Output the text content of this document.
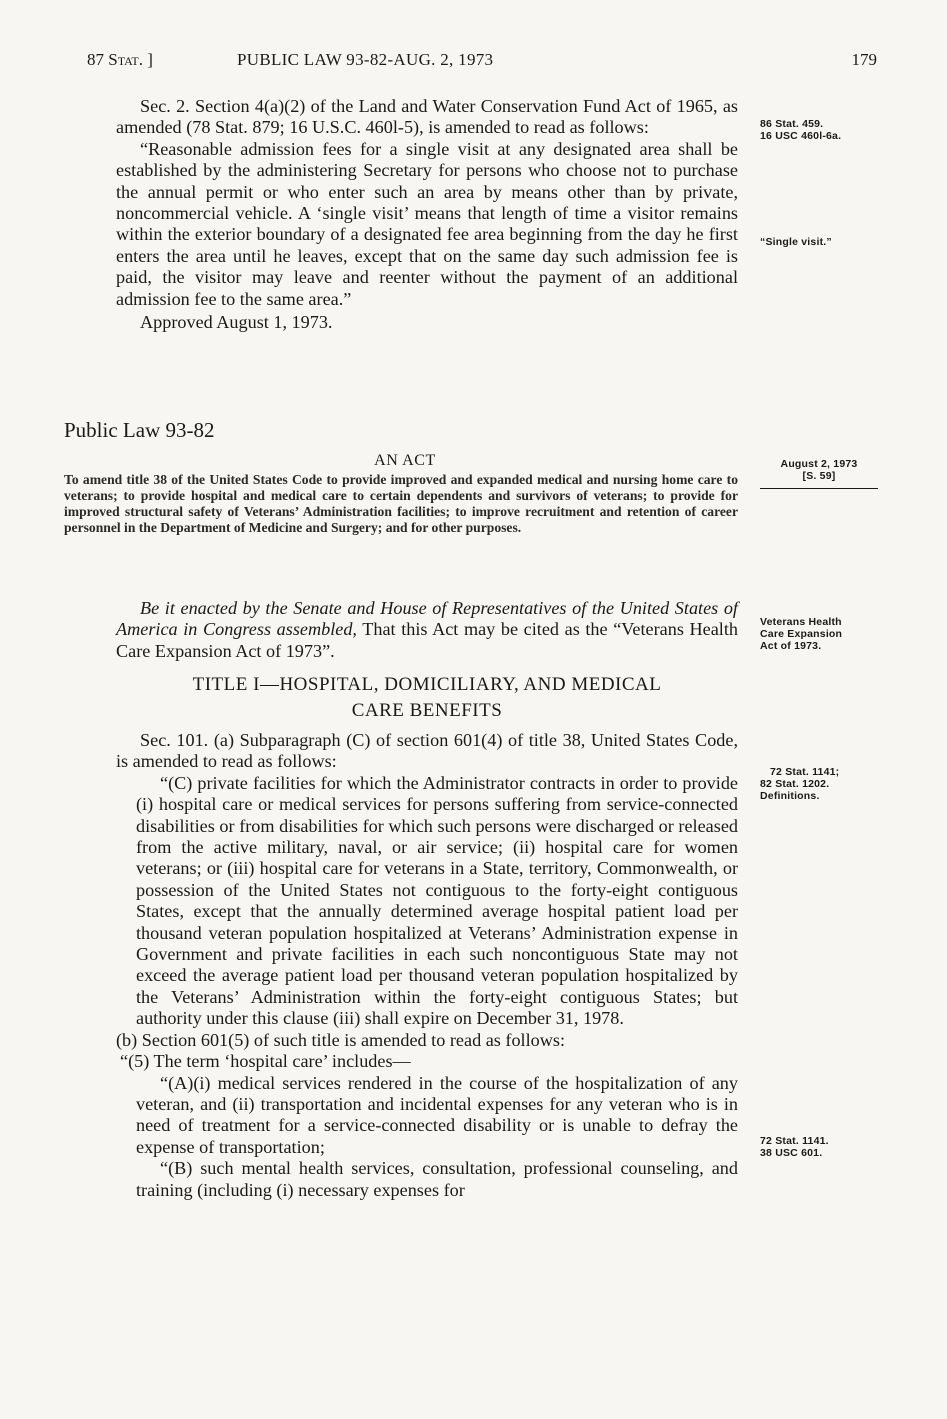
87 Stat. ]	PUBLIC LAW 93-82-AUG. 2, 1973	179

Sec. 2. Section 4(a)(2) of the Land and Water Conservation Fund Act of 1965, as amended (78 Stat. 879; 16 U.S.C. 460l-5), is amended to read as follows:

“Reasonable admission fees for a single visit at any designated area shall be established by the administering Secretary for persons who choose not to purchase the annual permit or who enter such an area by means other than by private, noncommercial vehicle. A ‘single visit’ means that length of time a visitor remains within the exterior boundary of a designated fee area beginning from the day he first enters the area until he leaves, except that on the same day such admission fee is paid, the visitor may leave and reenter without the payment of an additional admission fee to the same area.”

Approved August 1, 1973.

86 Stat. 459.
16 USC 460l-6a.
“Single visit.”
Public Law 93-82
AN ACT
To amend title 38 of the United States Code to provide improved and expanded medical and nursing home care to veterans; to provide hospital and medical care to certain dependents and survivors of veterans; to provide for improved structural safety of Veterans’ Administration facilities; to improve recruitment and retention of career personnel in the Department of Medicine and Surgery; and for other purposes.
August 2, 1973
[S. 59]

Be it enacted by the Senate and House of Representatives of the United States of America in Congress assembled, That this Act may be cited as the “Veterans Health Care Expansion Act of 1973”.

Veterans Health
Care Expansion
Act of 1973.
TITLE I—HOSPITAL, DOMICILIARY, AND MEDICAL
CARE BENEFITS

Sec. 101. (a) Subparagraph (C) of section 601(4) of title 38, United States Code, is amended to read as follows:

“(C) private facilities for which the Administrator contracts in order to provide (i) hospital care or medical services for persons suffering from service-connected disabilities or from disabilities for which such persons were discharged or released from the active military, naval, or air service; (ii) hospital care for women veterans; or (iii) hospital care for veterans in a State, territory, Commonwealth, or possession of the United States not contiguous to the forty-eight contiguous States, except that the annually determined average hospital patient load per thousand veteran population hospitalized at Veterans’ Administration expense in Government and private facilities in each such noncontiguous State may not exceed the average patient load per thousand veteran population hospitalized by the Veterans’ Administration within the forty-eight contiguous States; but authority under this clause (iii) shall expire on December 31, 1978.

(b) Section 601(5) of such title is amended to read as follows:

“(5) The term ‘hospital care’ includes—

“(A)(i) medical services rendered in the course of the hospitalization of any veteran, and (ii) transportation and incidental expenses for any veteran who is in need of treatment for a service-connected disability or is unable to defray the expense of transportation;

“(B) such mental health services, consultation, professional counseling, and training (including (i) necessary expenses for

72 Stat. 1141;
82 Stat. 1202.
Definitions.
72 Stat. 1141.
38 USC 601.
